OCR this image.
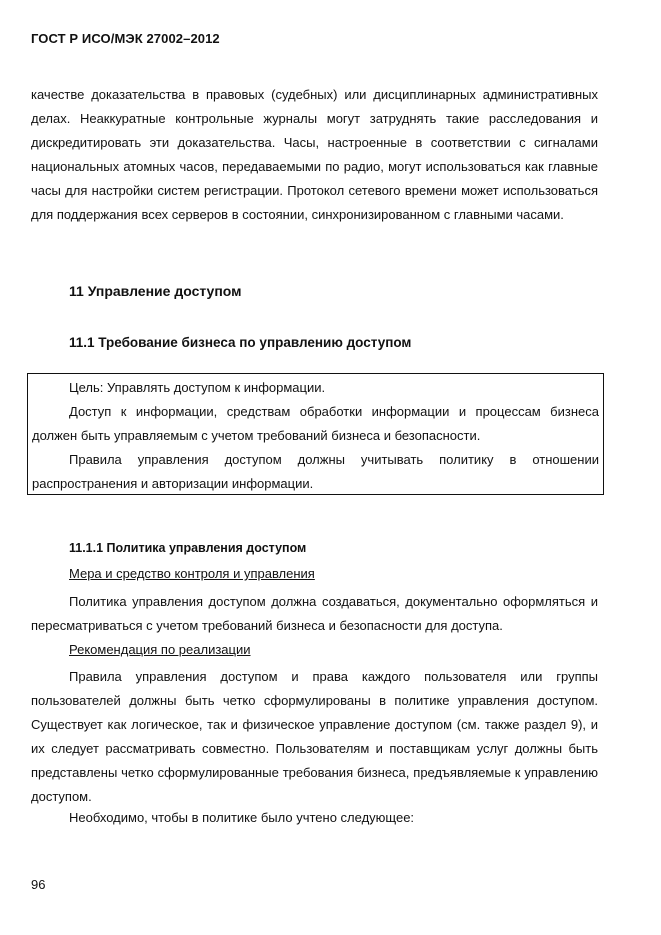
ГОСТ Р ИСО/МЭК 27002–2012

качестве доказательства в правовых (судебных) или дисциплинарных административных делах. Неаккуратные контрольные журналы могут затруднять такие расследования и дискредитировать эти доказательства. Часы, настроенные в соответствии с сигналами национальных атомных часов, передаваемыми по радио, могут использоваться как главные часы для настройки систем регистрации. Протокол сетевого времени может использоваться для поддержания всех серверов в состоянии, синхронизированном с главными часами.

11 Управление доступом
11.1 Требование бизнеса по управлению доступом

Цель: Управлять доступом к информации.

Доступ к информации, средствам обработки информации и процессам бизнеса должен быть управляемым с учетом требований бизнеса и безопасности.

Правила управления доступом должны учитывать политику в отношении распространения и авторизации информации.

11.1.1 Политика управления доступом

Мера и средство контроля и управления

Политика управления доступом должна создаваться, документально оформляться и пересматриваться с учетом требований бизнеса и безопасности для доступа.

Рекомендация по реализации

Правила управления доступом и права каждого пользователя или группы пользователей должны быть четко сформулированы в политике управления доступом. Существует как логическое, так и физическое управление доступом (см. также раздел 9), и их следует рассматривать совместно. Пользователям и поставщикам услуг должны быть представлены четко сформулированные требования бизнеса, предъявляемые к управлению доступом.

Необходимо, чтобы в политике было учтено следующее:

96
